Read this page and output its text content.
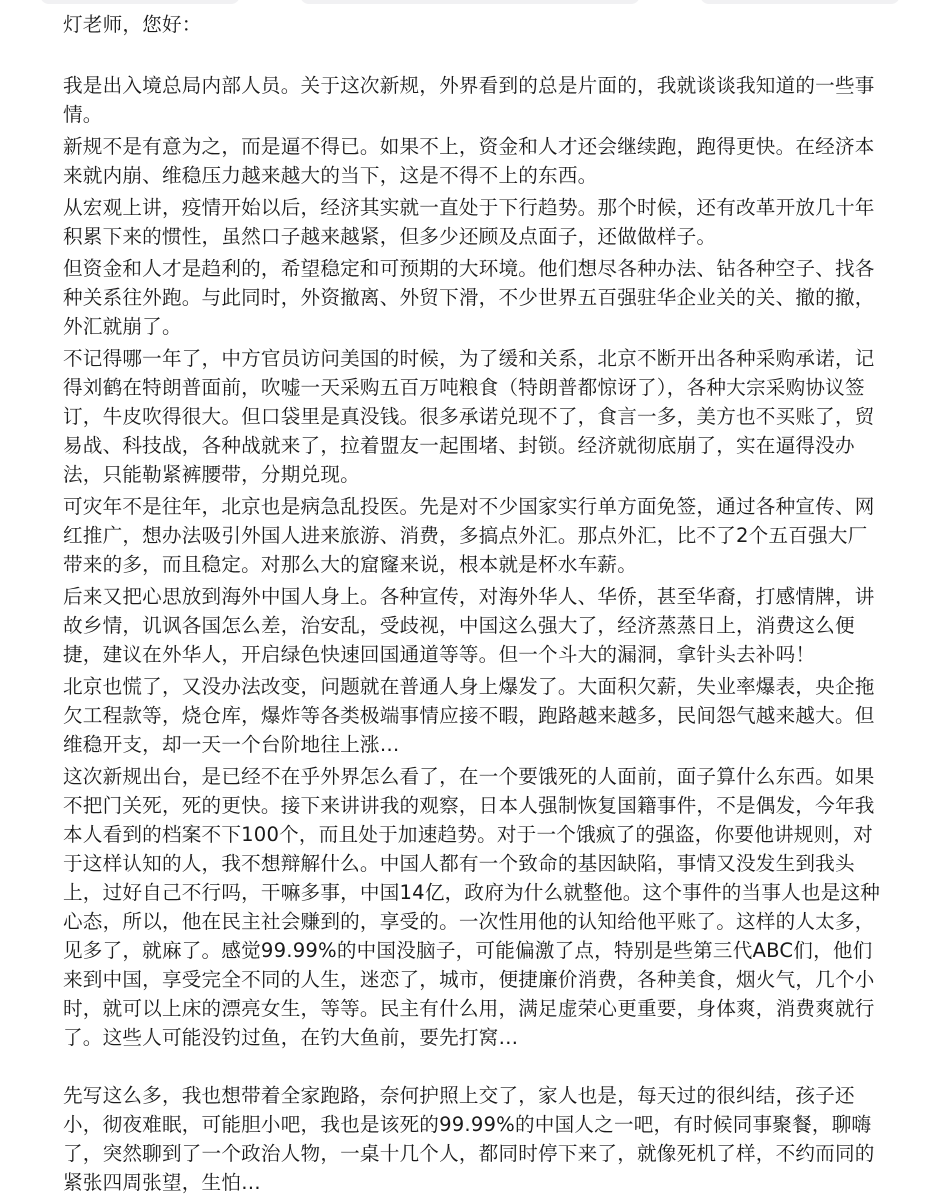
灯老师，您好：

我是出入境总局内部人员。关于这次新规，外界看到的总是片面的，我就谈谈我知道的一些事情。

新规不是有意为之，而是逼不得已。如果不上，资金和人才还会继续跑，跑得更快。在经济本来就内崩、维稳压力越来越大的当下，这是不得不上的东西。

从宏观上讲，疫情开始以后，经济其实就一直处于下行趋势。那个时候，还有改革开放几十年积累下来的惯性，虽然口子越来越紧，但多少还顾及点面子，还做做样子。

但资金和人才是趋利的，希望稳定和可预期的大环境。他们想尽各种办法、钻各种空子、找各种关系往外跑。与此同时，外资撤离、外贸下滑，不少世界五百强驻华企业关的关、撤的撤，外汇就崩了。

不记得哪一年了，中方官员访问美国的时候，为了缓和关系，北京不断开出各种采购承诺，记得刘鹤在特朗普面前，吹嘘一天采购五百万吨粮食（特朗普都惊讶了），各种大宗采购协议签订，牛皮吹得很大。但口袋里是真没钱。很多承诺兑现不了，食言一多，美方也不买账了，贸易战、科技战，各种战就来了，拉着盟友一起围堵、封锁。经济就彻底崩了，实在逼得没办法，只能勒紧裤腰带，分期兑现。

可灾年不是往年，北京也是病急乱投医。先是对不少国家实行单方面免签，通过各种宣传、网红推广，想办法吸引外国人进来旅游、消费，多搞点外汇。那点外汇，比不了2个五百强大厂带来的多，而且稳定。对那么大的窟窿来说，根本就是杯水车薪。

后来又把心思放到海外中国人身上。各种宣传，对海外华人、华侨，甚至华裔，打感情牌，讲故乡情，讥讽各国怎么差，治安乱，受歧视，中国这么强大了，经济蒸蒸日上，消费这么便捷，建议在外华人，开启绿色快速回国通道等等。但一个斗大的漏洞，拿针头去补吗！

北京也慌了，又没办法改变，问题就在普通人身上爆发了。大面积欠薪，失业率爆表，央企拖欠工程款等，烧仓库，爆炸等各类极端事情应接不暇，跑路越来越多，民间怨气越来越大。但维稳开支，却一天一个台阶地往上涨…

这次新规出台，是已经不在乎外界怎么看了，在一个要饿死的人面前，面子算什么东西。如果不把门关死，死的更快。接下来讲讲我的观察，日本人强制恢复国籍事件，不是偶发，今年我本人看到的档案不下100个，而且处于加速趋势。对于一个饿疯了的强盗，你要他讲规则，对于这样认知的人，我不想辩解什么。中国人都有一个致命的基因缺陷，事情又没发生到我头上，过好自己不行吗，干嘛多事，中国14亿，政府为什么就整他。这个事件的当事人也是这种心态，所以，他在民主社会赚到的，享受的。一次性用他的认知给他平账了。这样的人太多，见多了，就麻了。感觉99.99%的中国没脑子，可能偏激了点，特别是些第三代ABC们，他们来到中国，享受完全不同的人生，迷恋了，城市，便捷廉价消费，各种美食，烟火气，几个小时，就可以上床的漂亮女生，等等。民主有什么用，满足虚荣心更重要，身体爽，消费爽就行了。这些人可能没钓过鱼，在钓大鱼前，要先打窝…

先写这么多，我也想带着全家跑路，奈何护照上交了，家人也是，每天过的很纠结，孩子还小，彻夜难眠，可能胆小吧，我也是该死的99.99%的中国人之一吧，有时候同事聚餐，聊嗨了，突然聊到了一个政治人物，一桌十几个人，都同时停下来了，就像死机了样，不约而同的紧张四周张望，生怕…
